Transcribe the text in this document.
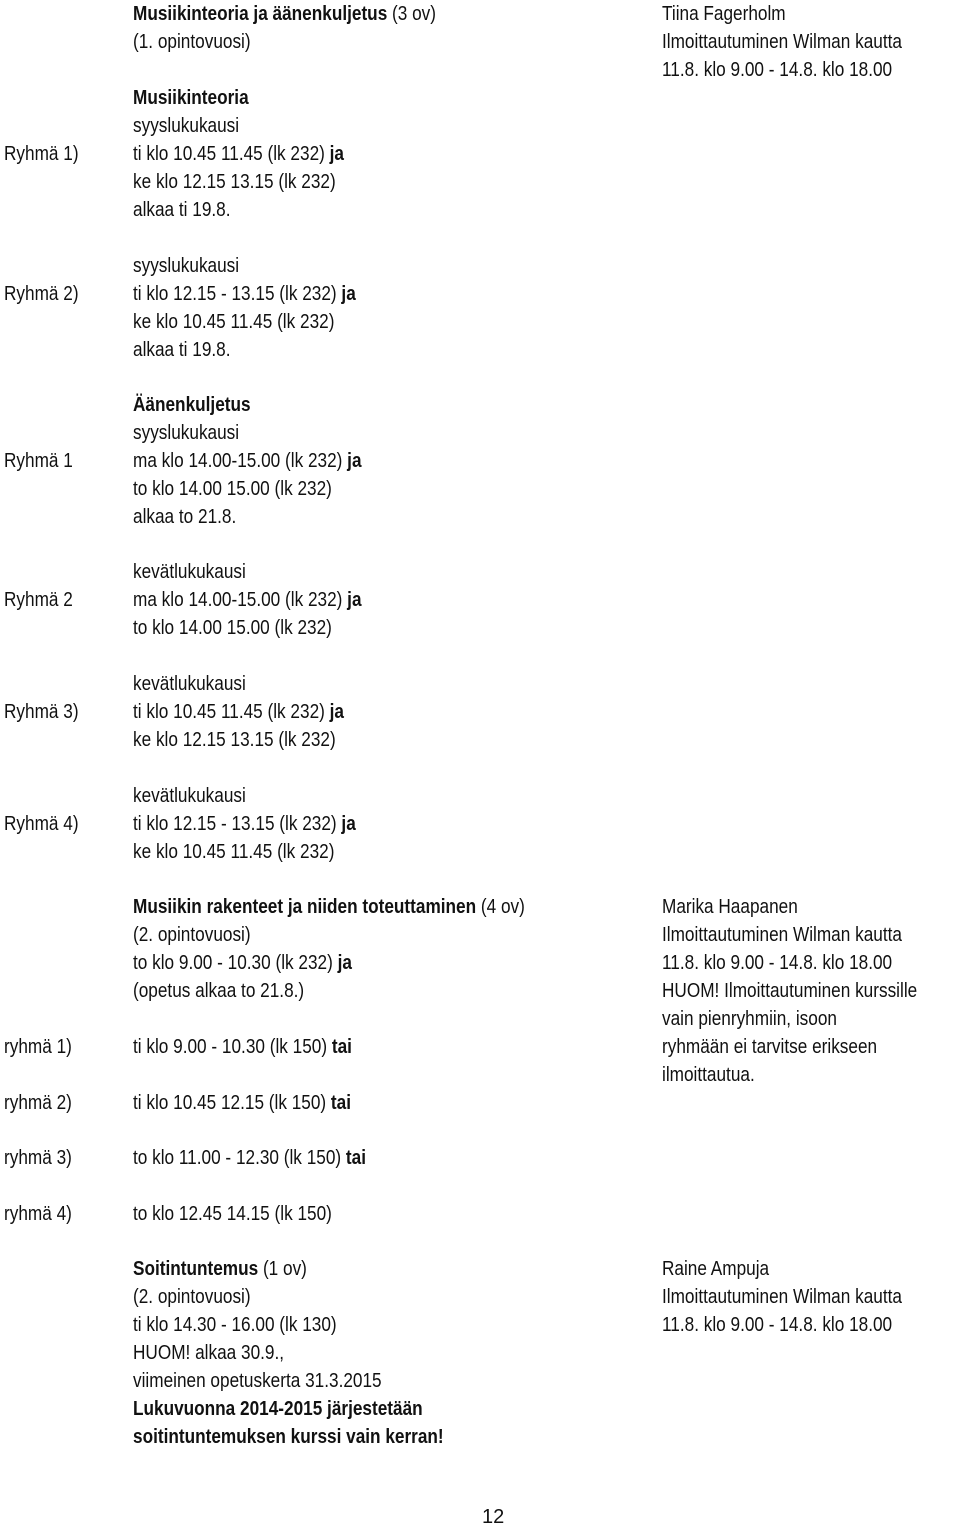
Musiikinteoria ja äänenkuljetus (3 ov)
(1. opintovuosi)
Tiina Fagerholm
Ilmoittautuminen Wilman kautta
11.8. klo 9.00 - 14.8. klo 18.00
Musiikinteoria
syyslukukausi
Ryhmä 1)	ti klo 10.45 11.45 (lk 232) ja
ke klo 12.15 13.15 (lk 232)
alkaa ti 19.8.
syyslukukausi
Ryhmä 2)	ti klo 12.15 - 13.15 (lk 232) ja
ke klo 10.45 11.45 (lk 232)
alkaa ti 19.8.
Äänenkuljetus
syyslukukausi
Ryhmä 1	ma klo 14.00-15.00 (lk 232) ja
to klo 14.00 15.00 (lk 232)
alkaa to 21.8.
kevätlukukausi
Ryhmä 2	ma klo 14.00-15.00 (lk 232) ja
to klo 14.00 15.00 (lk 232)
kevätlukukausi
Ryhmä 3)	ti klo 10.45 11.45 (lk 232) ja
ke klo 12.15 13.15 (lk 232)
kevätlukukausi
Ryhmä 4)	ti klo 12.15 - 13.15 (lk 232) ja
ke klo 10.45 11.45 (lk 232)
Musiikin rakenteet ja niiden toteuttaminen (4 ov)
(2. opintovuosi)
to klo 9.00 - 10.30 (lk 232) ja
(opetus alkaa to 21.8.)
Marika Haapanen
Ilmoittautuminen Wilman kautta
11.8. klo 9.00 - 14.8. klo 18.00
HUOM! Ilmoittautuminen kurssille
vain pienryhmiin, isoon
ryhmään ei tarvitse erikseen
ilmoittautua.
ryhmä 1)	ti klo 9.00 - 10.30 (lk 150) tai
ryhmä 2)	ti klo 10.45 12.15 (lk 150) tai
ryhmä 3)	to klo 11.00 - 12.30 (lk 150) tai
ryhmä 4)	to klo 12.45 14.15 (lk 150)
Soitintuntemus (1 ov)
(2. opintovuosi)
ti klo 14.30 - 16.00 (lk 130)
HUOM! alkaa 30.9.,
viimeinen opetuskerta 31.3.2015
Lukuvuonna 2014-2015 järjestetään
soitintuntemuksen kurssi vain kerran!
Raine Ampuja
Ilmoittautuminen Wilman kautta
11.8. klo 9.00 - 14.8. klo 18.00
12
